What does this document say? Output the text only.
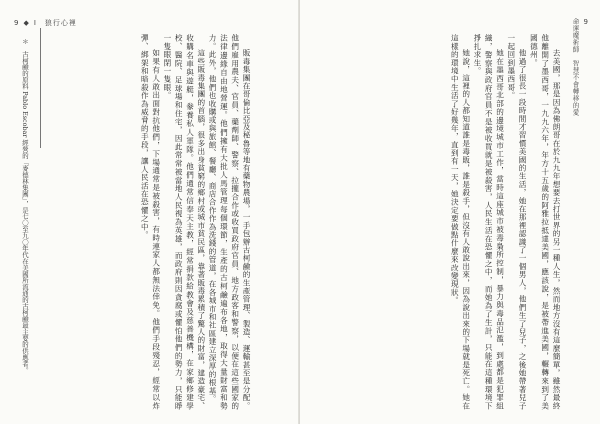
9 ◆ Ⅰ　狼行心裡

販毒集團在哥倫比亞及秘魯等地有藥物農場，一手包辦古柯鹼的生產管理、製造、運輸甚至是分配。他們雇用農夫、官員、藥劑師、警察、拉攏合作或收買政府官員、地方政客和警察，以便在這些國家的法律邊緣自由地營運。他們擁有大批人馬管理每個環節，生產的古柯鹼遍布各地，取得大量財富和勢力。此外，他們也收購或與旅館、餐廳、商店合作作為洗錢的管道，在各城市和社區建立深厚的根基。

這些販毒集團的首腦，很多出身貧窮的鄉村或城市貧民區，靠著販毒累積了驚人的財富，建造豪宅、收購名車與遊艇，豢養私人軍隊。他們通常信奉天主教，經常捐款給教會及慈善機構，在家鄉修建學校、醫院、足球場和住宅，因此常常被當地人民視為英雄，而政府則因貪腐或懼怕他們的勢力，只能睜一隻眼閉一隻眼。

如果有人敢出面對抗他們，下場通常是被殺害，有時連家人都無法倖免。他們手段殘忍，經常以炸彈、綁架和暗殺作為威脅的手段，讓人民活在恐懼之中。

＊　古柯鹼的原料 Pablo Escobar 經營的「麥德林集團」，是七〇至九〇年代在美國所流通的古柯鹼最主要的供應者。	命運魔術師　智慧不會轉移的愛 9

去美國，那是因為佛朗哥在於九九年想要去打世界的另一種人生，然而地方沒有這麼簡單，雖然最終他離開了墨西哥，一九九六年，年方十五歲的阿雅拉抵達美國，應該說，是被帶進美國，輾轉來到了美國德州。

他過了很長一段時間才習慣美國的生活，她在那裡認識了一個男人，他們生了兒子，之後她帶著兒子一起回到墨西哥。

她在墨西哥北部的邊境城市工作，當時這座城市被毒梟所控制，暴力與毒品氾濫，到處都是犯罪組織，警察與政府官員不是被收買就是被殺害，人民生活在恐懼之中，而她為了生計，只能在這種環境下掙扎求生。

她說，這裡的人都知道誰是毒販，誰是殺手，但沒有人敢說出來，因為說出來的下場就是死亡。她在這樣的環境中生活了好幾年，直到有一天，她決定要做點什麼來改變現狀。
